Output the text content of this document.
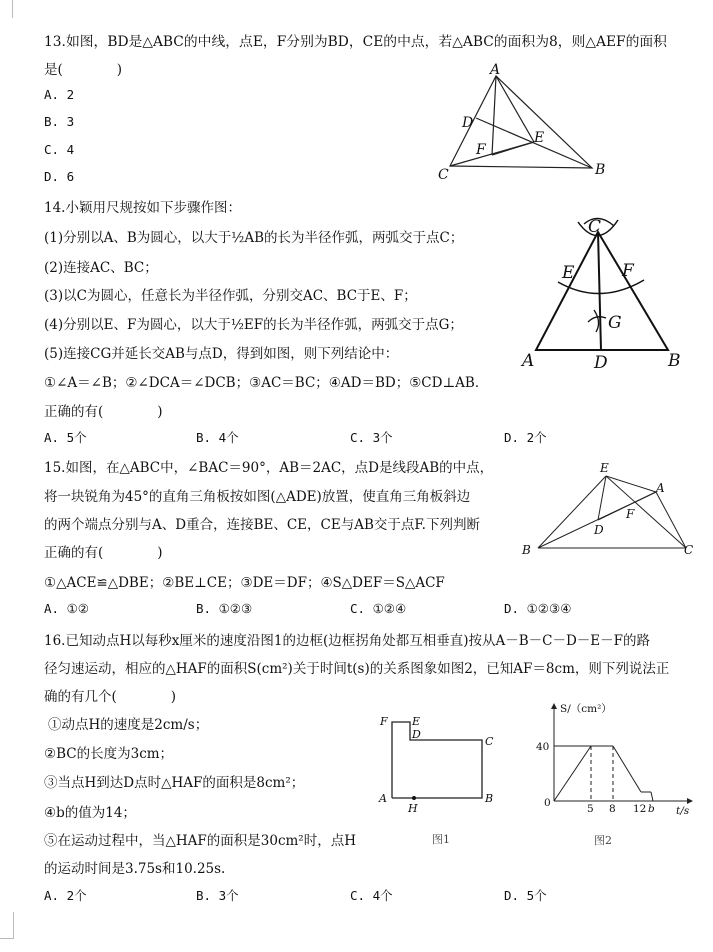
13.如图，BD是△ABC的中线，点E，F分别为BD，CE的中点，若△ABC的面积为8，则△AEF的面积
是(　　　　)
A. 2
B. 3
C. 4
D. 6
A
B
C
D
E
F
14.小颖用尺规按如下步骤作图：
(1)分别以A、B为圆心，以大于½AB的长为半径作弧，两弧交于点C；
(2)连接AC、BC；
(3)以C为圆心，任意长为半径作弧，分别交AC、BC于E、F；
(4)分别以E、F为圆心，以大于½EF的长为半径作弧，两弧交于点G；
(5)连接CG并延长交AB与点D，得到如图，则下列结论中：
①∠A＝∠B；②∠DCA＝∠DCB；③AC＝BC；④AD＝BD；⑤CD⊥AB．
正确的有(　　　　)
A. 5个	B. 4个	C. 3个	D. 2个
C
E	F
G
A	D	B
15.如图，在△ABC中，∠BAC＝90°，AB＝2AC，点D是线段AB的中点，
将一块锐角为45°的直角三角板按如图(△ADE)放置，使直角三角板斜边
的两个端点分别与A、D重合，连接BE、CE，CE与AB交于点F.下列判断
正确的有(　　　　)
①△ACE≌△DBE；②BE⊥CE；③DE＝DF；④S△DEF＝S△ACF
A. ①②	B. ①②③	C. ①②④	D. ①②③④
E
A
F
D
B	C
16.已知动点H以每秒x厘米的速度沿图1的边框(边框拐角处都互相垂直)按从A－B－C－D－E－F的路
径匀速运动，相应的△HAF的面积S(cm²)关于时间t(s)的关系图象如图2，已知AF＝8cm，则下列说法正
确的有几个(　　　　)
①动点H的速度是2cm/s；
②BC的长度为3cm；
③当点H到达D点时△HAF的面积是8cm²；
④b的值为14；
⑤在运动过程中，当△HAF的面积是30cm²时，点H
的运动时间是3.75s和10.25s.
A. 2个	B. 3个	C. 4个	D. 5个
F E
D
C
A
H
B
图1
S/（cm²）
40
0	5 8 12 b t/s
图2
